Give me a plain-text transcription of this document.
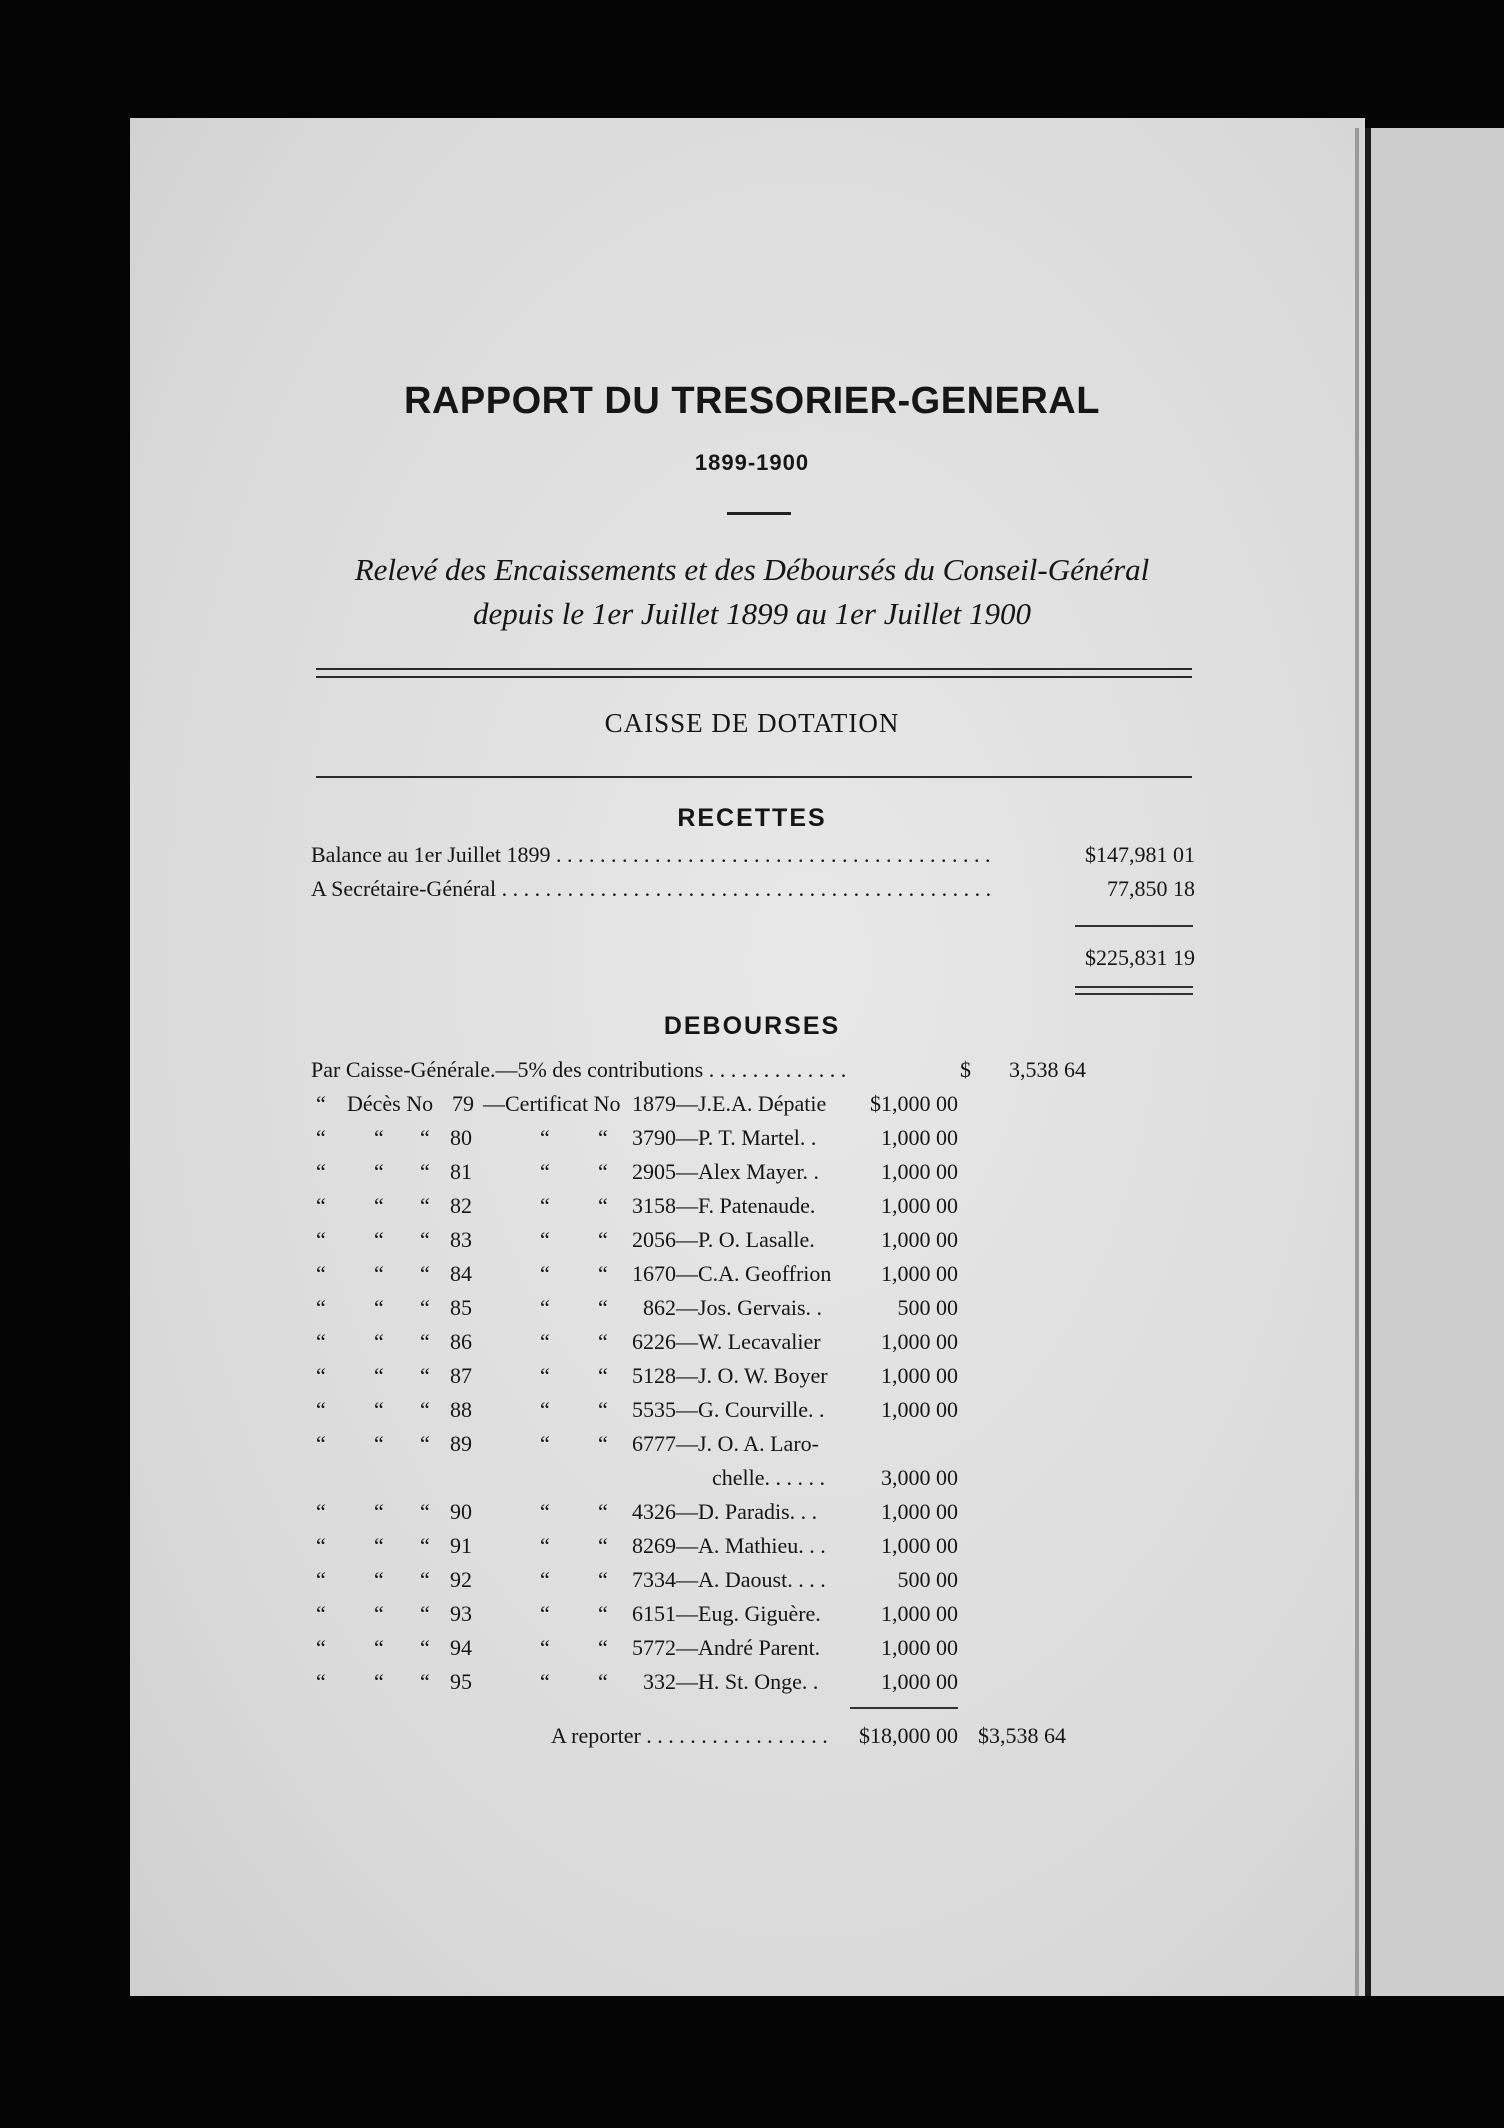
RAPPORT DU TRESORIER-GENERAL
1899-1900
Relevé des Encaissements et des Déboursés du Conseil-Général
depuis le 1er Juillet 1899 au 1er Juillet 1900
CAISSE DE DOTATION
RECETTES
Balance au 1er Juillet 1899 . . .	$147,981 01
A Secrétaire-Général . . .	77,850 18
$225,831 19
DEBOURSES
Par Caisse-Générale.—5% des contributions . . .	$	3,538 64
“ Décès No 79 —Certificat No 1879 —J.E.A. Dépatie	$1,000 00
“	“	“ 80	“	“	3790 —P. T. Martel. .	1,000 00
“	“	“ 81	“	“	2905 —Alex Mayer. .	1,000 00
“	“	“ 82	“	“	3158 —F. Patenaude.	1,000 00
“	“	“ 83	“	“	2056 —P. O. Lasalle.	1,000 00
“	“	“ 84	“	“	1670 —C.A. Geoffrion	1,000 00
“	“	“ 85	“	“	862 —Jos. Gervais. .	500 00
“	“	“ 86	“	“	6226 —W. Lecavalier	1,000 00
“	“	“ 87	“	“	5128 —J. O. W. Boyer	1,000 00
“	“	“ 88	“	“	5535 —G. Courville. .	1,000 00
“	“	“ 89	“	“	6777 —J. O. A. Laro-
chelle. . . . . .	3,000 00
“	“	“ 90	“	“	4326 —D. Paradis. . .	1,000 00
“	“	“ 91	“	“	8269 —A. Mathieu. . .	1,000 00
“	“	“ 92	“	“	7334 —A. Daoust. . . .	500 00
“	“	“ 93	“	“	6151 —Eug. Giguère.	1,000 00
“	“	“ 94	“	“	5772 —André Parent.	1,000 00
“	“	“ 95	“	“	332 —H. St. Onge. .	1,000 00
A reporter . . .	$18,000 00 $3,538 64
